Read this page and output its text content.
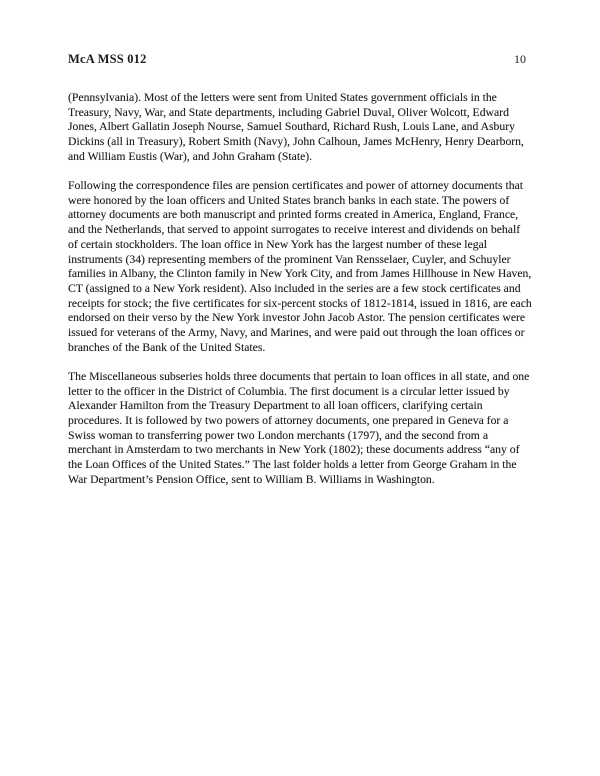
McA MSS 012	10

(Pennsylvania). Most of the letters were sent from United States government officials in the Treasury, Navy, War, and State departments, including Gabriel Duval, Oliver Wolcott, Edward Jones, Albert Gallatin Joseph Nourse, Samuel Southard, Richard Rush, Louis Lane, and Asbury Dickins (all in Treasury), Robert Smith (Navy), John Calhoun, James McHenry, Henry Dearborn, and William Eustis (War), and John Graham (State).

Following the correspondence files are pension certificates and power of attorney documents that were honored by the loan officers and United States branch banks in each state. The powers of attorney documents are both manuscript and printed forms created in America, England, France, and the Netherlands, that served to appoint surrogates to receive interest and dividends on behalf of certain stockholders. The loan office in New York has the largest number of these legal instruments (34) representing members of the prominent Van Rensselaer, Cuyler, and Schuyler families in Albany, the Clinton family in New York City, and from James Hillhouse in New Haven, CT (assigned to a New York resident). Also included in the series are a few stock certificates and receipts for stock; the five certificates for six-percent stocks of 1812-1814, issued in 1816, are each endorsed on their verso by the New York investor John Jacob Astor. The pension certificates were issued for veterans of the Army, Navy, and Marines, and were paid out through the loan offices or branches of the Bank of the United States.

The Miscellaneous subseries holds three documents that pertain to loan offices in all state, and one letter to the officer in the District of Columbia. The first document is a circular letter issued by Alexander Hamilton from the Treasury Department to all loan officers, clarifying certain procedures. It is followed by two powers of attorney documents, one prepared in Geneva for a Swiss woman to transferring power two London merchants (1797), and the second from a merchant in Amsterdam to two merchants in New York (1802); these documents address “any of the Loan Offices of the United States.” The last folder holds a letter from George Graham in the War Department’s Pension Office, sent to William B. Williams in Washington.
